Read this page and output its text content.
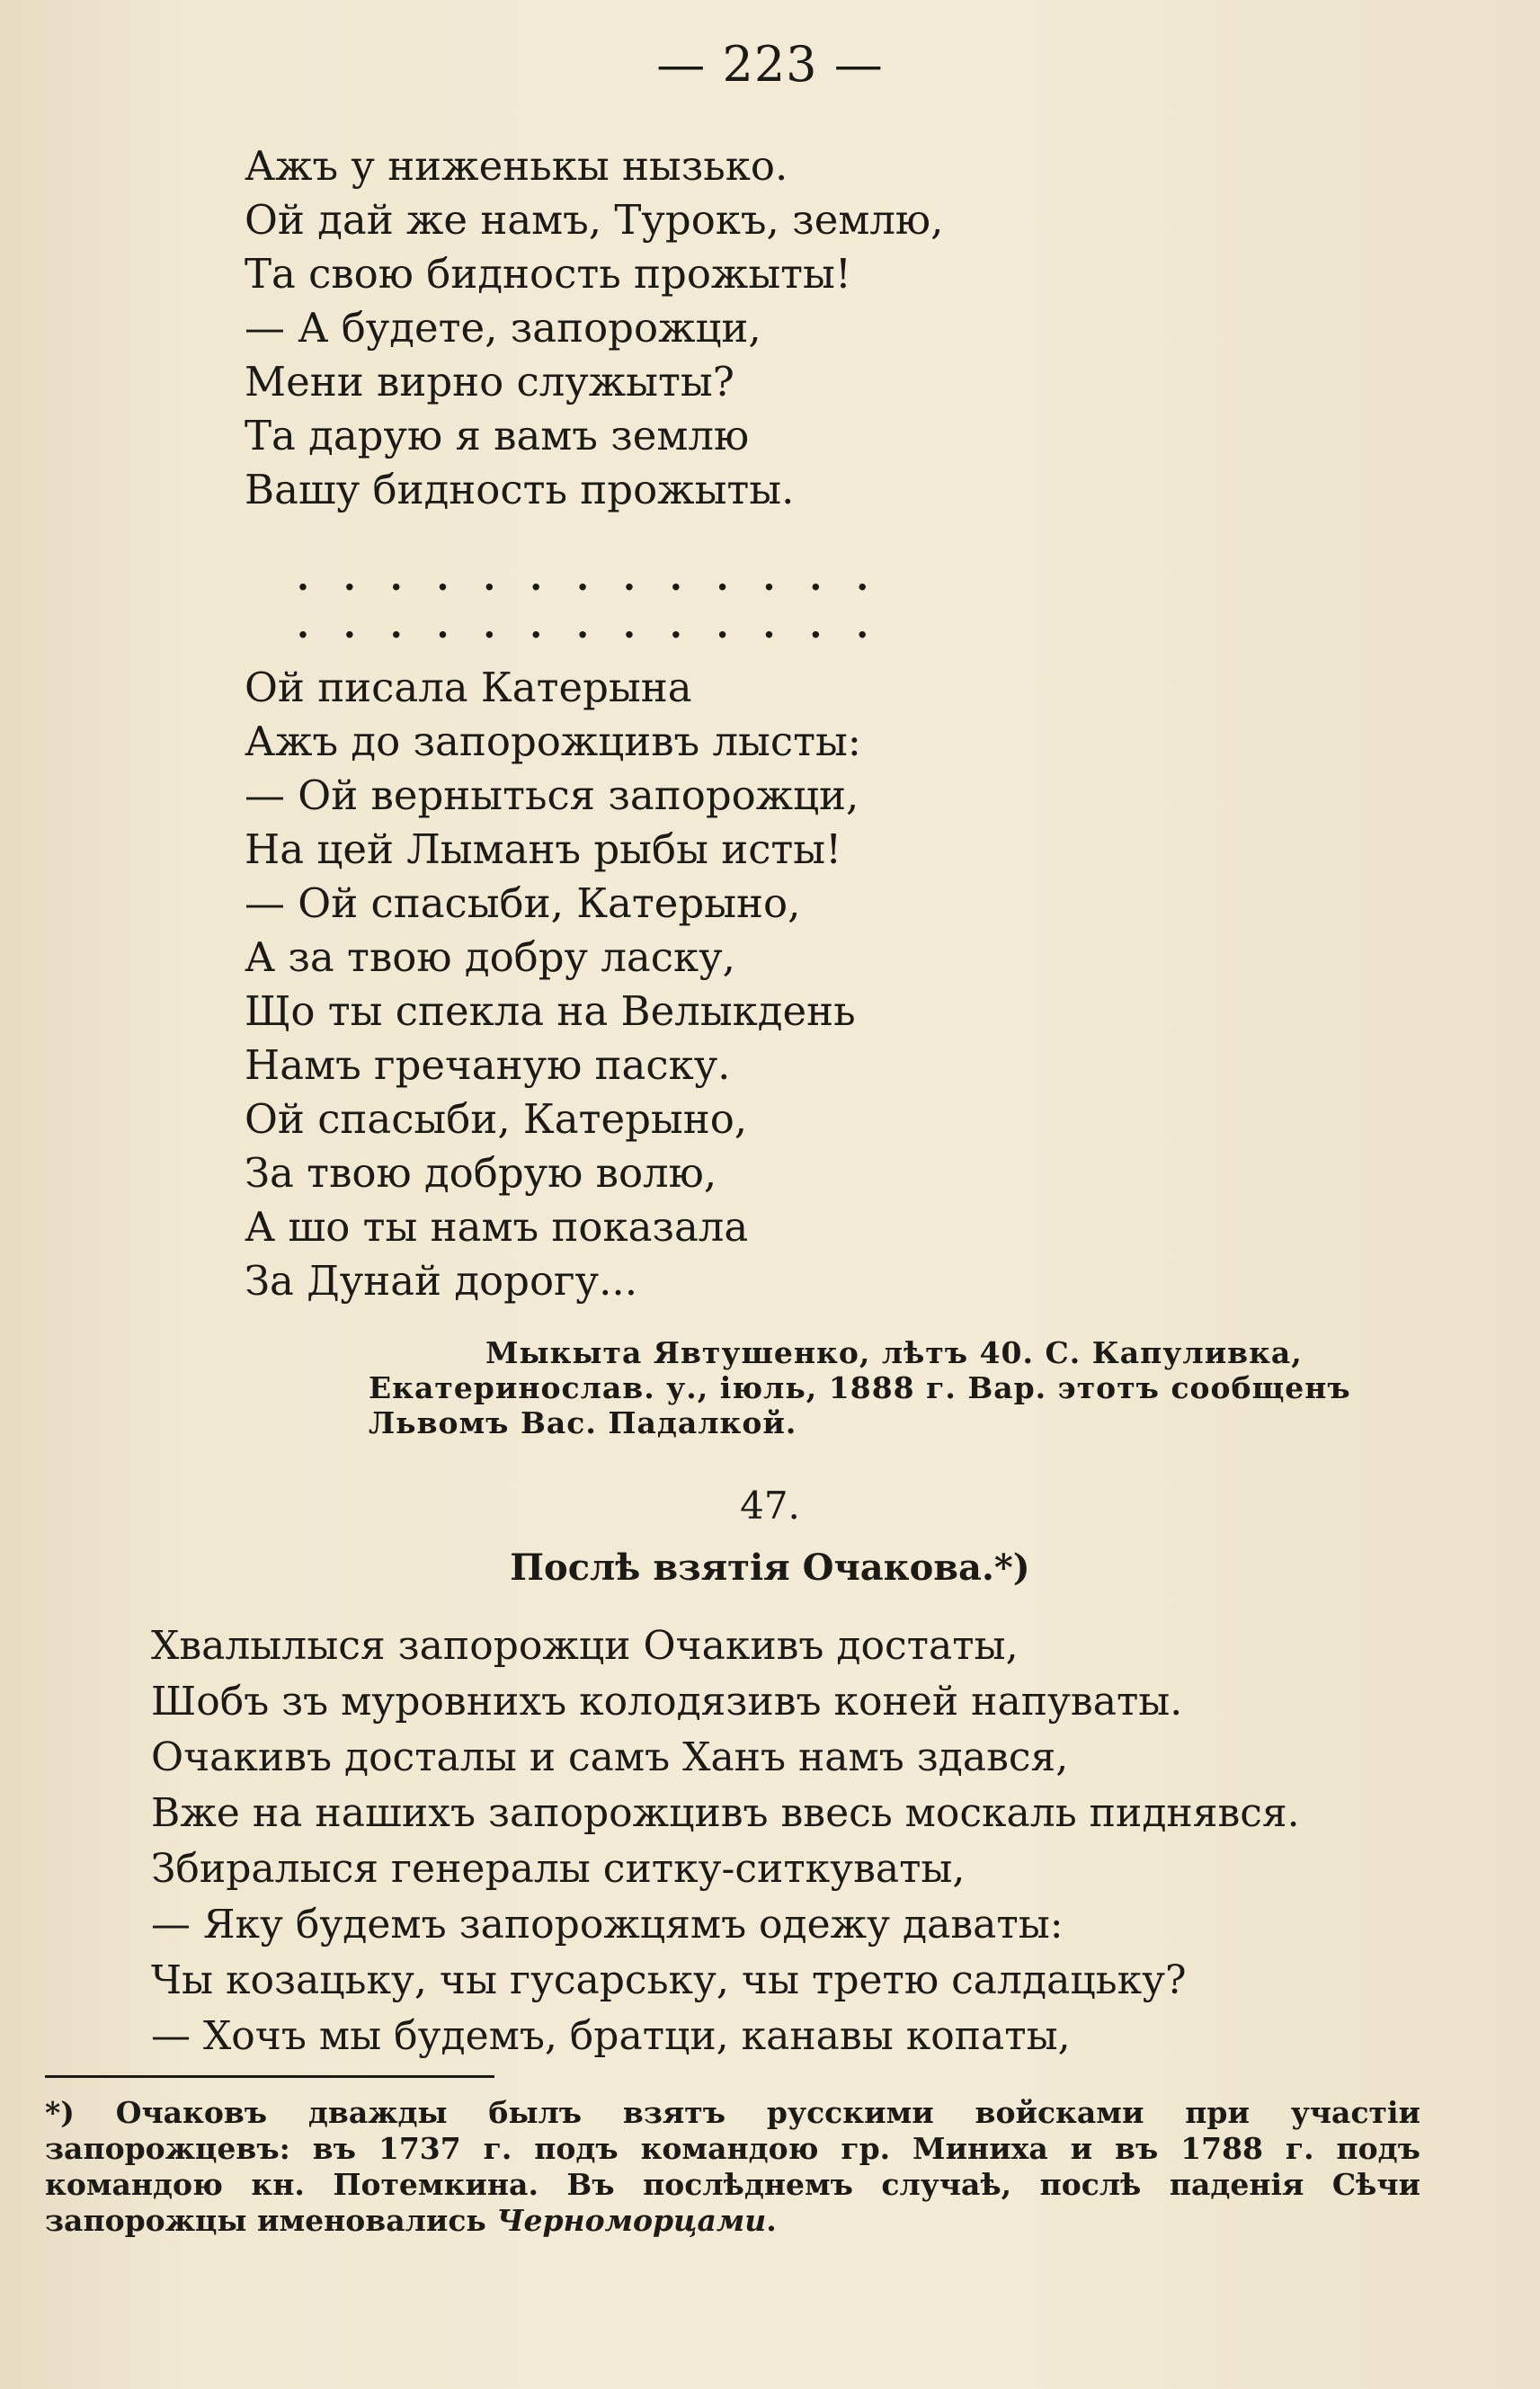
— 223 —
Ажъ у ниженькы нызько.
Ой дай же намъ, Турокъ, землю,
Та свою бидность прожыты!
— А будете, запорожци,
Мени вирно служыты?
Та дарую я вамъ землю
Вашу бидность прожыты.
. . . . . . . . . . . . .
. . . . . . . . . . . . .
Ой писала Катерына
Ажъ до запорожцивъ лысты:
— Ой верныться запорожци,
На цей Лыманъ рыбы исты!
— Ой спасыби, Катерыно,
А за твою добру ласку,
Що ты спекла на Велыкдень
Намъ гречаную паску.
Ой спасыби, Катерыно,
За твою добрую волю,
А шо ты намъ показала
За Дунай дорогу...
Мыкыта Явтушенко, лѣтъ 40. С. Капуливка,
Екатеринослав. у., іюль, 1888 г. Вар. этотъ сообщенъ
Львомъ Вас. Падалкой.
47.
Послѣ взятія Очакова.*)
Хвалылыся запорожци Очакивъ достаты,
Шобъ зъ муровнихъ колодязивъ коней напуваты.
Очакивъ досталы и самъ Ханъ намъ здався,
Вже на нашихъ запорожцивъ ввесь москаль пиднявся.
Збиралыся генералы ситку-ситкуваты,
— Яку будемъ запорожцямъ одежу даваты:
Чы козацьку, чы гусарську, чы третю салдацьку?
— Хочъ мы будемъ, братци, канавы копаты,
*) Очаковъ дважды былъ взятъ русскими войсками при участіи запорожцевъ: въ 1737 г. подъ командою гр. Миниха и въ 1788 г. подъ командою кн. Потемкина. Въ послѣднемъ случаѣ, послѣ паденія Сѣчи запорожцы именовались Черноморцами.
